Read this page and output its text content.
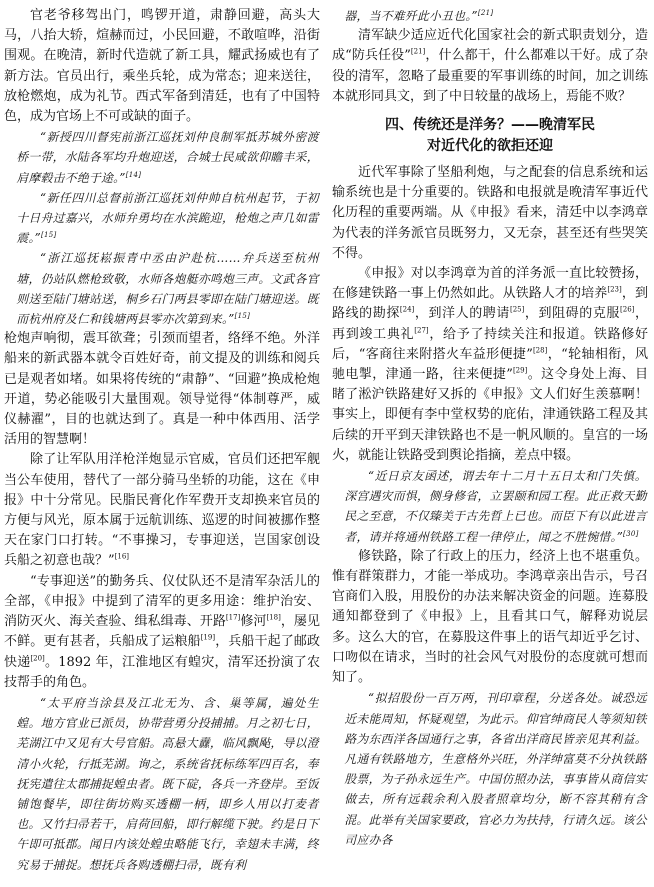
官老爷移驾出门，鸣锣开道，肃静回避，高头大马，八抬大轿，煊赫而过，小民回避，不敢喧哗，沿街围观。在晚清，新时代造就了新工具，耀武扬威也有了新方法。官员出行，乘坐兵轮，成为常态；迎来送往，放枪燃炮，成为礼节。西式军备到清廷，也有了中国特色，成为官场上不可或缺的面子。

“新授四川督宪前浙江巡抚刘仲良制军抵苏城外密渡桥一带，水陆各军均升炮迎送，合城士民咸欲仰瞻丰采，肩摩毂击不绝于途。”[14]

“新任四川总督前浙江巡抚刘仲帅自杭州起节，于初十日舟过嘉兴，水师弁勇均在水滨跪迎，枪炮之声几如雷震。”[15]

“浙江巡抚崧振青中丞由沪赴杭……弁兵送至杭州塘，仍站队燃枪致敬，水师各炮艇亦鸣炮三声。文武各官则送至陆门塘站送，桐乡石门两县零即在陆门塘迎送。既而杭州府及仁和钱塘两县零亦次第到来。”[15]

枪炮声响彻，震耳欲聋；引颈而望者，络绎不绝。外洋船来的新武器本就令百姓好奇，前文提及的训练和阅兵已是观者如堵。如果将传统的“肃静”、“回避”换成枪炮开道，势必能吸引大量围观。领导觉得“体制尊严，威仪赫濯”，目的也就达到了。真是一种中体西用、活学活用的智慧啊！

除了让军队用洋枪洋炮显示官威，官员们还把军舰当公车使用，替代了一部分骑马坐轿的功能，这在《申报》中十分常见。民脂民膏化作军费开支却换来官员的方便与风光，原本属于远航训练、巡逻的时间被挪作整天在家门口打转。“不事操习，专事迎送，岂国家创设兵船之初意也哉？”[16]

“专事迎送”的勤务兵、仪仗队还不是清军杂活儿的全部，《申报》中提到了清军的更多用途：维护治安、消防灭火、海关查验、缉私缉毒、开路[17]修河[18]，屡见不鲜。更有甚者，兵船成了运粮船[19]，兵船干起了邮政快递[20]。1892 年，江淮地区有蝗灾，清军还扮演了农技帮手的角色。

“太平府当涂县及江北无为、含、巢等属，遍处生蝗。地方官业已派员，协带营勇分投捕捕。月之初七日，芜湖江中又见有大号官船。高悬大纛，临风飘飐，导以澄清小火轮，行抵芜湖。询之，系统省抚标练军四百名，奉抚宪遣往太郡捕捉蝗虫者。既下碇，各兵一齐登岸。至饭铺饱餐毕，即往街坊购买透棚一柄，即乡人用以打麦者也。又竹扫帚若干，肩荷回船，即行解缆下驶。约是日下午即可抵郡。闻日内该处蝗虫略能飞行，幸翅未丰满，终究易于捕捉。想抚兵各购透棚扫帚，既有利

器，当不难歼此小丑也。”[21]

清军缺少适应近代化国家社会的新式职责划分，造成“防兵任役”[21]，什么都干，什么都难以干好。成了杂役的清军，忽略了最重要的军事训练的时间，加之训练本就形同具文，到了中日较量的战场上，焉能不败？

四、传统还是洋务？——晚清军民
对近代化的欲拒还迎

近代军事除了坚船利炮，与之配套的信息系统和运输系统也是十分重要的。铁路和电报就是晚清军事近代化历程的重要两端。从《申报》看来，清廷中以李鸿章为代表的洋务派官员既努力，又无奈，甚至还有些哭笑不得。

《申报》对以李鸿章为首的洋务派一直比较赞扬，在修建铁路一事上仍然如此。从铁路人才的培养[23]，到路线的勘探[24]，到洋人的聘请[25]，到阻碍的克服[26]，再到竣工典礼[27]，给予了持续关注和报道。铁路修好后，“客商往来附搭火车益形便捷”[28]，“轮轴相衔，风驰电掣，津通一路，往来便捷”[29]。这令身处上海、目睹了淞沪铁路建好又拆的《申报》文人们好生羡慕啊！事实上，即便有李中堂权势的庇佑，津通铁路工程及其后续的开平到天津铁路也不是一帆风顺的。皇宫的一场火，就能让铁路受到舆论指摘，差点中辍。

“近日京友函述，谓去年十二月十五日太和门失慎。深宫遇灾而惧，侧身修省，立罢颐和园工程。此正救天勤民之至意，不仅臻美于古先哲上已也。而臣下有以此进言者，请并将通州铁路工程一律停止，闻之不胜惋惜。”[30]

修铁路，除了行政上的压力，经济上也不堪重负。惟有群策群力，才能一举成功。李鸿章亲出告示，号召官商们入股，用股份的办法来解决资金的问题。连募股通知都登到了《申报》上，且看其口气，解释劝说层多。这么大的官，在募股这件事上的语气却近乎乞讨、口吻似在请求，当时的社会风气对股份的态度就可想而知了。

“拟招股份一百万两，刊印章程，分送各处。诚恐远近未能周知，怀疑观望，为此示。仰官绅商民人等须知铁路为东西洋各国通行之事，各省出洋商民皆亲见其利益。凡通有铁路地方，生意格外兴旺，外洋绅富莫不分执铁路股票，为子孙永远生产。中国仿照办法，事事皆从商信实做去，所有远载余利入股者照章均分，断不容其稍有含混。此举有关国家要政，官必力为扶持，行请久远。该公司应办各
